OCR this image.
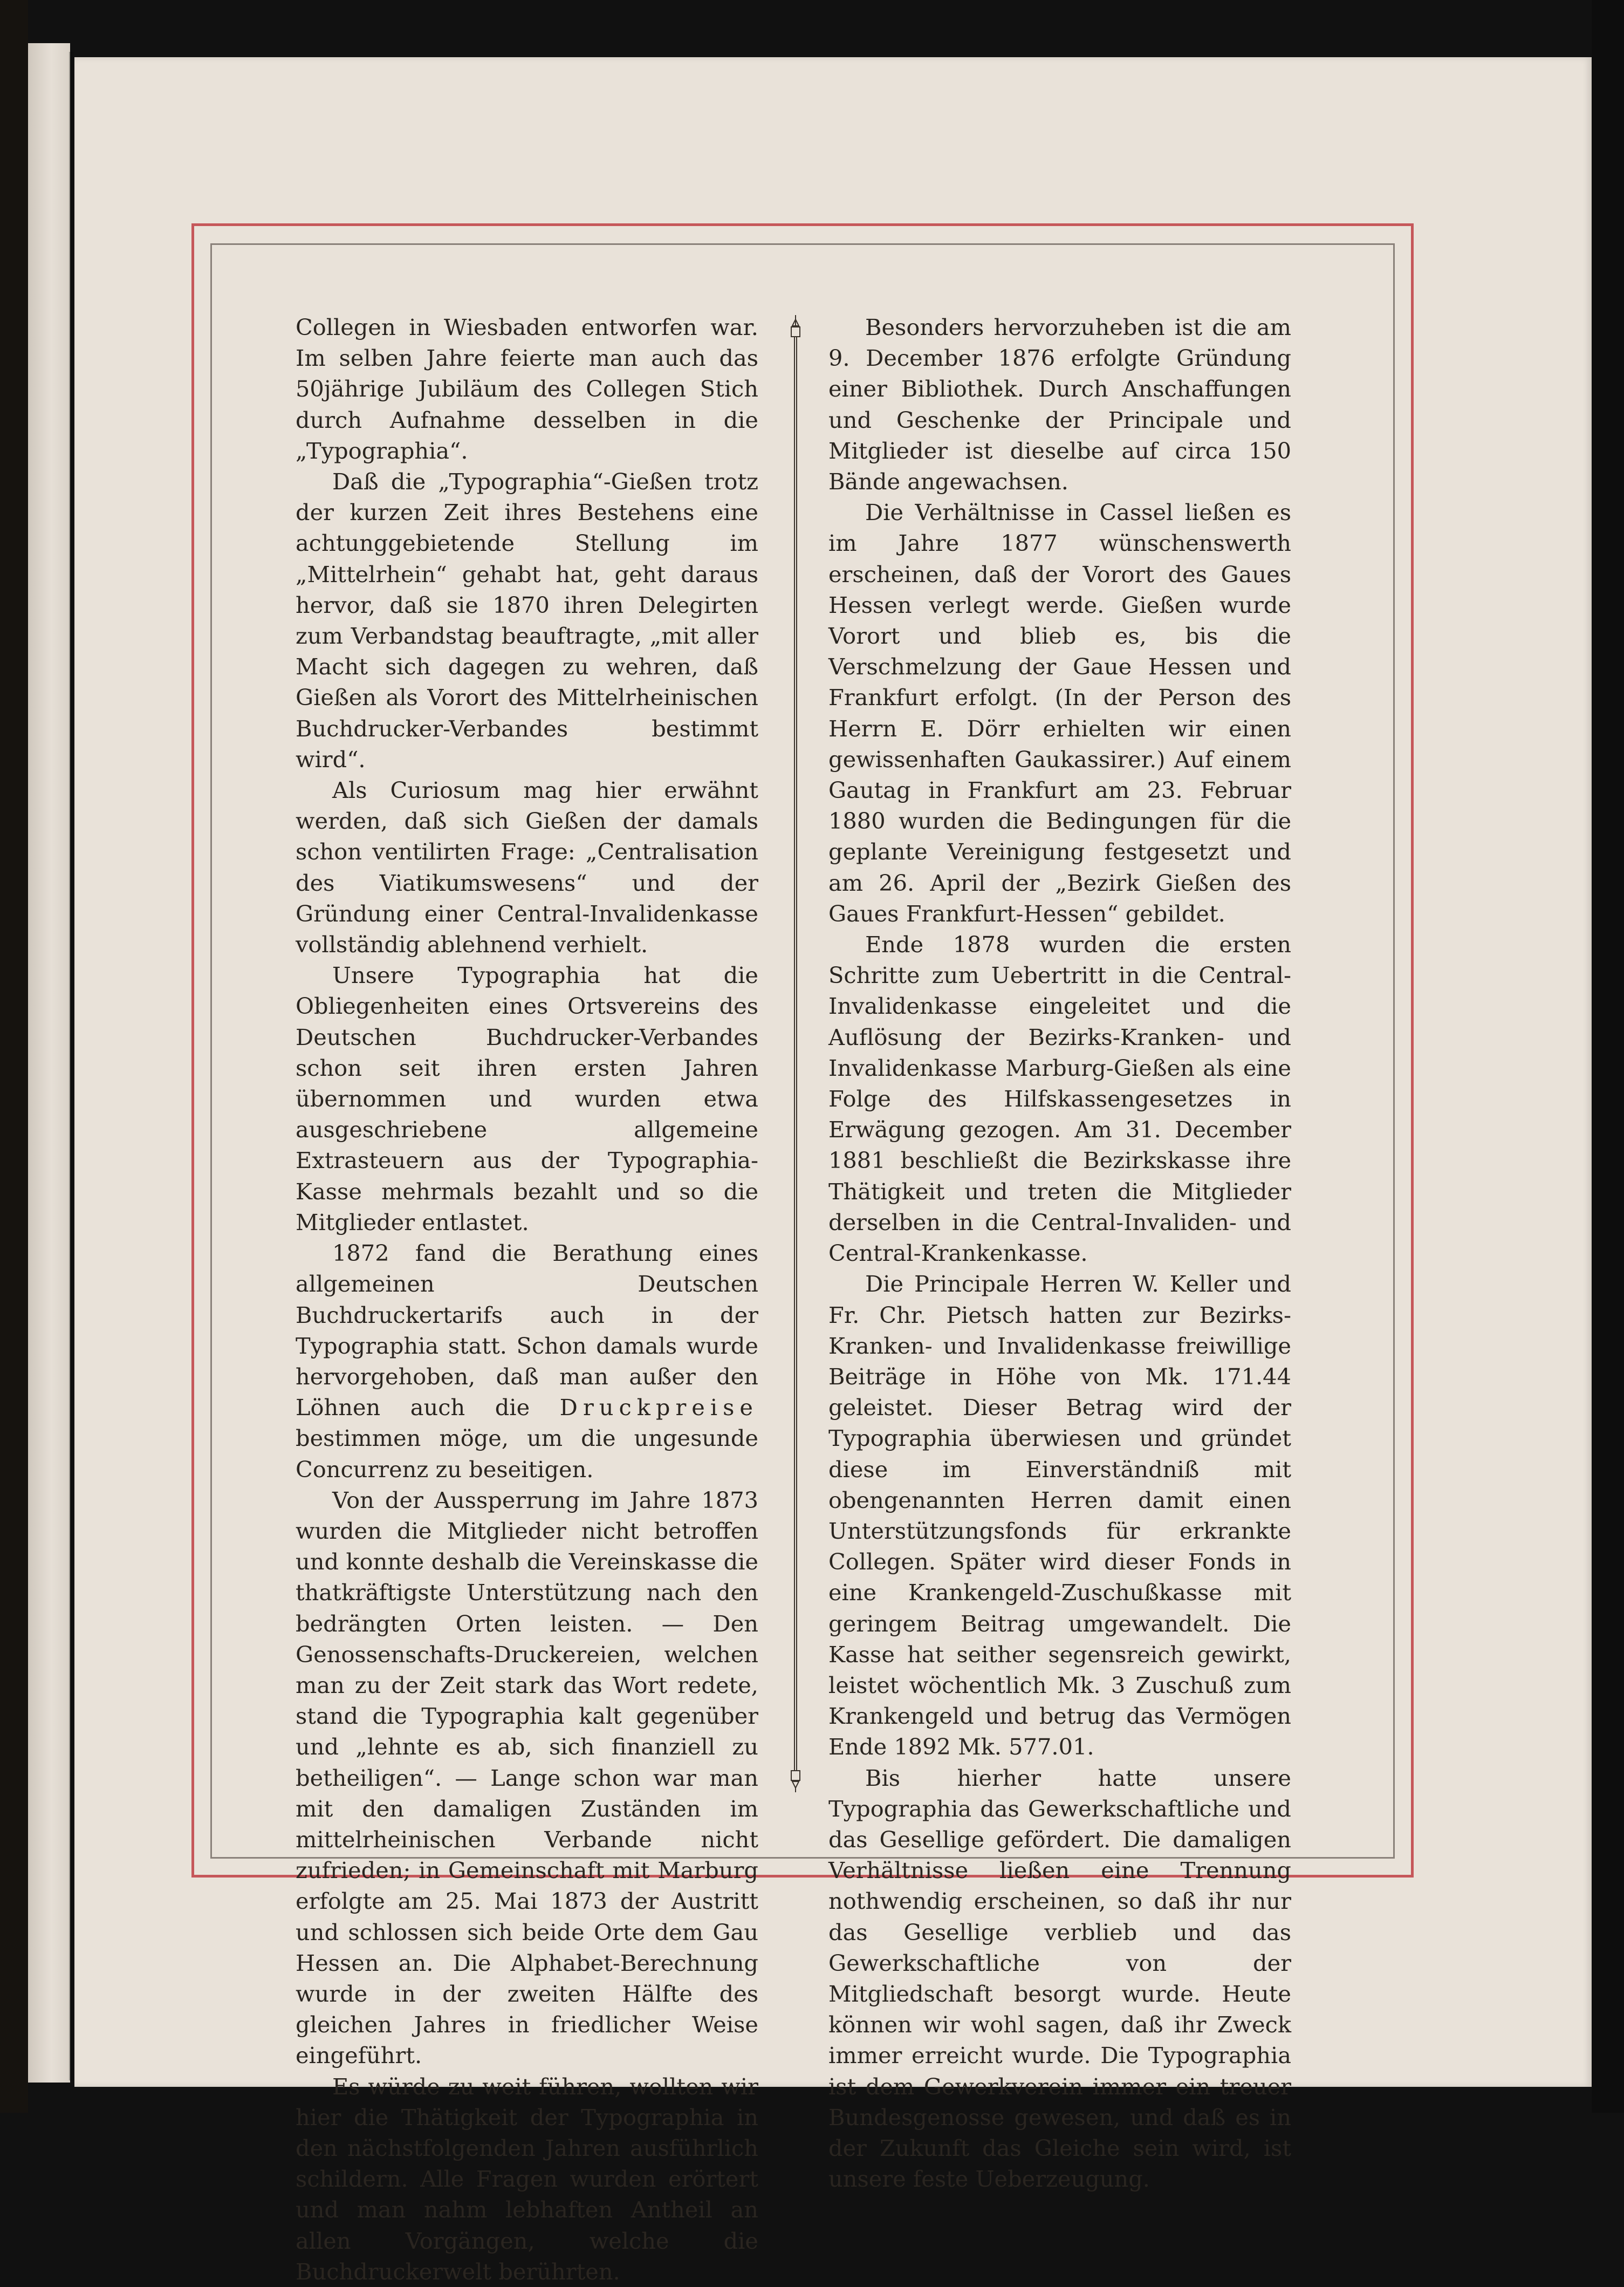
Collegen in Wiesbaden entworfen war. Im selben Jahre feierte man auch das 50jährige Jubiläum des Collegen Stich durch Aufnahme desselben in die „Typographia“.

Daß die „Typographia“-Gießen trotz der kurzen Zeit ihres Bestehens eine achtunggebietende Stellung im „Mittelrhein“ gehabt hat, geht daraus hervor, daß sie 1870 ihren Delegirten zum Verbandstag beauftragte, „mit aller Macht sich dagegen zu wehren, daß Gießen als Vorort des Mittelrheinischen Buchdrucker-Verbandes bestimmt wird“.

Als Curiosum mag hier erwähnt werden, daß sich Gießen der damals schon ventilirten Frage: „Centralisation des Viatikumswesens“ und der Gründung einer Central-Invalidenkasse vollständig ablehnend verhielt.

Unsere Typographia hat die Obliegenheiten eines Ortsvereins des Deutschen Buchdrucker-Verbandes schon seit ihren ersten Jahren übernommen und wurden etwa ausgeschriebene allgemeine Extrasteuern aus der Typographia-Kasse mehrmals bezahlt und so die Mitglieder entlastet.

1872 fand die Berathung eines allgemeinen Deutschen Buchdruckertarifs auch in der Typographia statt. Schon damals wurde hervorgehoben, daß man außer den Löhnen auch die Druckpreise bestimmen möge, um die ungesunde Concurrenz zu beseitigen.

Von der Aussperrung im Jahre 1873 wurden die Mitglieder nicht betroffen und konnte deshalb die Vereinskasse die thatkräftigste Unterstützung nach den bedrängten Orten leisten. — Den Genossenschafts-Druckereien, welchen man zu der Zeit stark das Wort redete, stand die Typographia kalt gegenüber und „lehnte es ab, sich finanziell zu betheiligen“. — Lange schon war man mit den damaligen Zuständen im mittelrheinischen Verbande nicht zufrieden; in Gemeinschaft mit Marburg erfolgte am 25. Mai 1873 der Austritt und schlossen sich beide Orte dem Gau Hessen an. Die Alphabet-Berechnung wurde in der zweiten Hälfte des gleichen Jahres in friedlicher Weise eingeführt.

Es würde zu weit führen, wollten wir hier die Thätigkeit der Typographia in den nächstfolgenden Jahren ausführlich schildern. Alle Fragen wurden erörtert und man nahm lebhaften Antheil an allen Vorgängen, welche die Buchdruckerwelt berührten.

Besonders hervorzuheben ist die am 9. December 1876 erfolgte Gründung einer Bibliothek. Durch Anschaffungen und Geschenke der Principale und Mitglieder ist dieselbe auf circa 150 Bände angewachsen.

Die Verhältnisse in Cassel ließen es im Jahre 1877 wünschenswerth erscheinen, daß der Vorort des Gaues Hessen verlegt werde. Gießen wurde Vorort und blieb es, bis die Verschmelzung der Gaue Hessen und Frankfurt erfolgt. (In der Person des Herrn E. Dörr erhielten wir einen gewissenhaften Gaukassirer.) Auf einem Gautag in Frankfurt am 23. Februar 1880 wurden die Bedingungen für die geplante Vereinigung festgesetzt und am 26. April der „Bezirk Gießen des Gaues Frankfurt-Hessen“ gebildet.

Ende 1878 wurden die ersten Schritte zum Uebertritt in die Central-Invalidenkasse eingeleitet und die Auflösung der Bezirks-Kranken- und Invalidenkasse Marburg-Gießen als eine Folge des Hilfskassengesetzes in Erwägung gezogen. Am 31. December 1881 beschließt die Bezirkskasse ihre Thätigkeit und treten die Mitglieder derselben in die Central-Invaliden- und Central-Krankenkasse.

Die Principale Herren W. Keller und Fr. Chr. Pietsch hatten zur Bezirks-Kranken- und Invalidenkasse freiwillige Beiträge in Höhe von Mk. 171.44 geleistet. Dieser Betrag wird der Typographia überwiesen und gründet diese im Einverständniß mit obengenannten Herren damit einen Unterstützungsfonds für erkrankte Collegen. Später wird dieser Fonds in eine Krankengeld-Zuschußkasse mit geringem Beitrag umgewandelt. Die Kasse hat seither segensreich gewirkt, leistet wöchentlich Mk. 3 Zuschuß zum Krankengeld und betrug das Vermögen Ende 1892 Mk. 577.01.

Bis hierher hatte unsere Typographia das Gewerkschaftliche und das Gesellige gefördert. Die damaligen Verhältnisse ließen eine Trennung nothwendig erscheinen, so daß ihr nur das Gesellige verblieb und das Gewerkschaftliche von der Mitgliedschaft besorgt wurde. Heute können wir wohl sagen, daß ihr Zweck immer erreicht wurde. Die Typographia ist dem Gewerkverein immer ein treuer Bundesgenosse gewesen, und daß es in der Zukunft das Gleiche sein wird, ist unsere feste Ueberzeugung.
